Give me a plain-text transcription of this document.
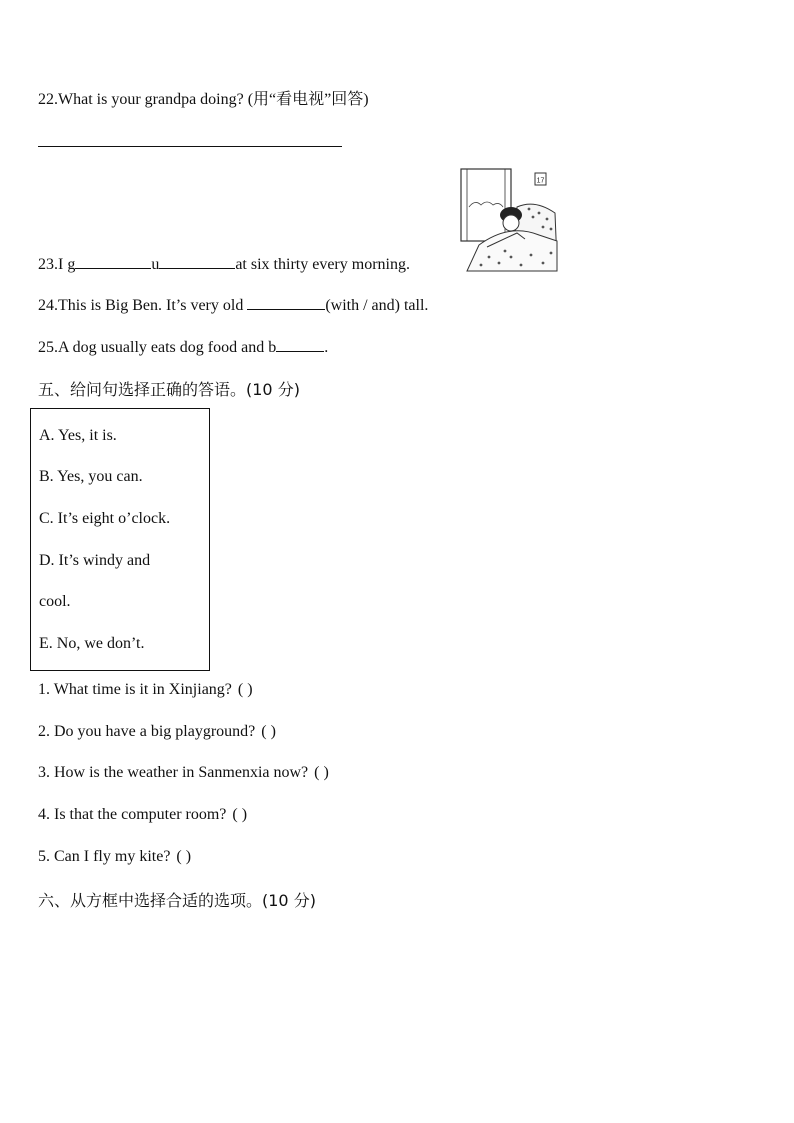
22.What is your grandpa doing? (用“看电视”回答)
17
23.I g	u	at six thirty every morning.
24.This is Big Ben. It’s very old	(with / and) tall.
25.A dog usually eats dog food and b	.
五、给问句选择正确的答语。(10 分)
A. Yes, it is.
B. Yes, you can.
C. It’s eight o’clock.
D. It’s windy and
cool.
E. No, we don’t.
1. What time is it in Xinjiang? ( )
2. Do you have a big playground? ( )
3. How is the weather in Sanmenxia now? ( )
4. Is that the computer room? ( )
5. Can I fly my kite? ( )
六、从方框中选择合适的选项。(10 分)
